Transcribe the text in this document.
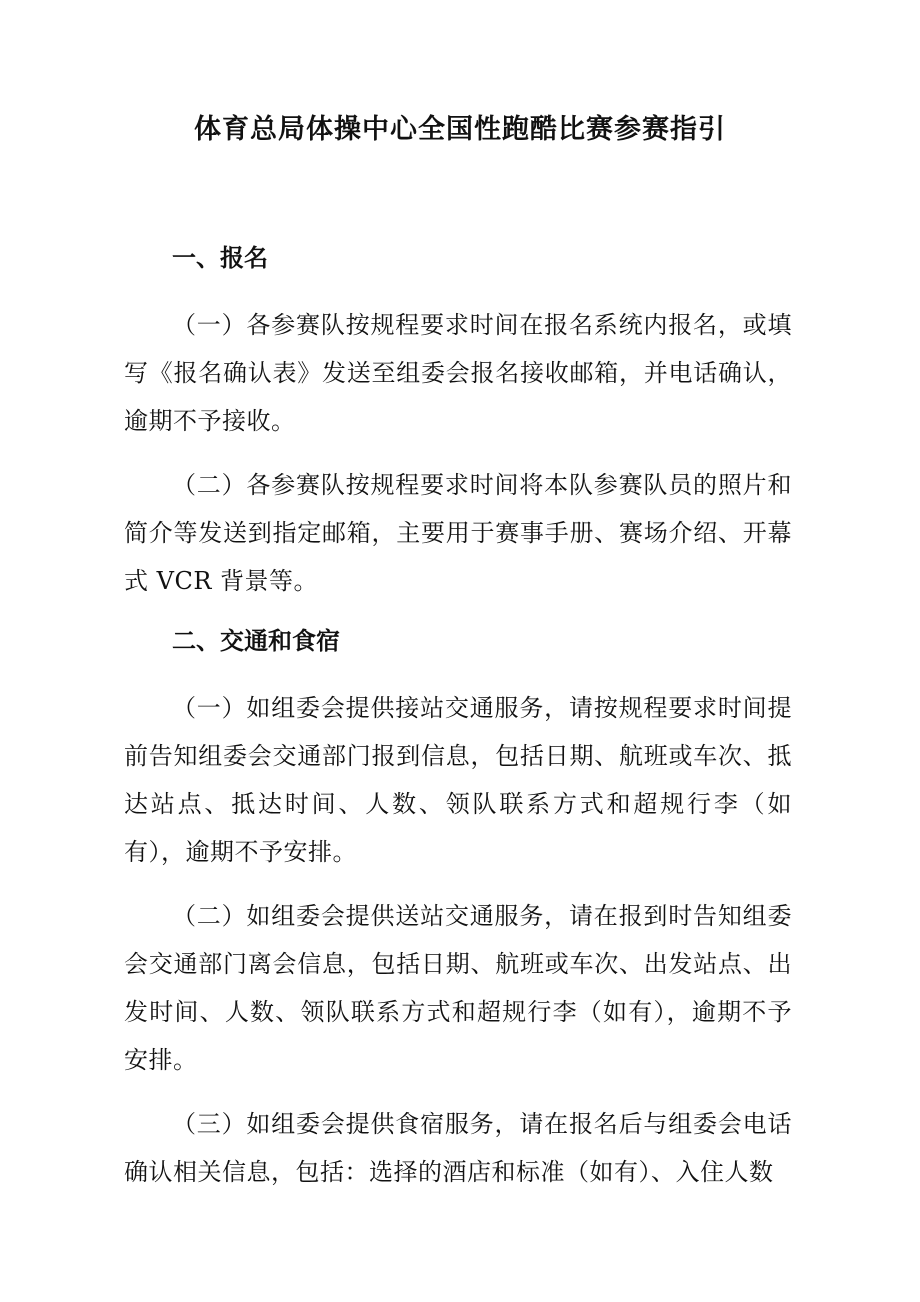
体育总局体操中心全国性跑酷比赛参赛指引
一、报名
（一）各参赛队按规程要求时间在报名系统内报名，或填写《报名确认表》发送至组委会报名接收邮箱，并电话确认，逾期不予接收。
（二）各参赛队按规程要求时间将本队参赛队员的照片和简介等发送到指定邮箱，主要用于赛事手册、赛场介绍、开幕式 VCR 背景等。
二、交通和食宿
（一）如组委会提供接站交通服务，请按规程要求时间提前告知组委会交通部门报到信息，包括日期、航班或车次、抵达站点、抵达时间、人数、领队联系方式和超规行李（如有），逾期不予安排。
（二）如组委会提供送站交通服务，请在报到时告知组委会交通部门离会信息，包括日期、航班或车次、出发站点、出发时间、人数、领队联系方式和超规行李（如有），逾期不予安排。
（三）如组委会提供食宿服务，请在报名后与组委会电话确认相关信息，包括：选择的酒店和标准（如有）、入住人数
